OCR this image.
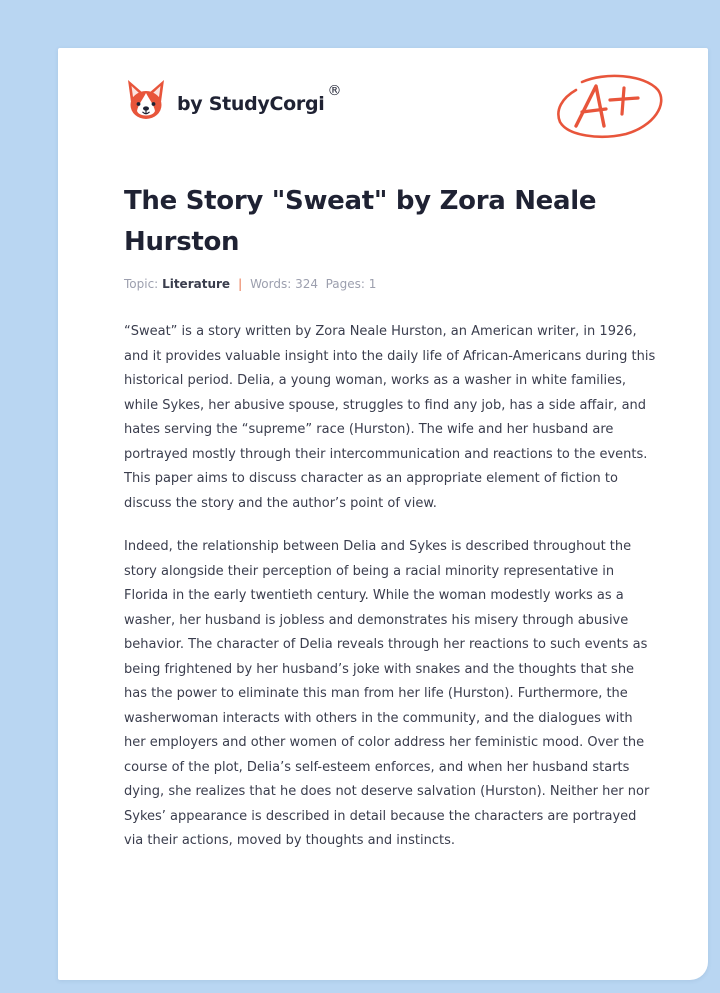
by StudyCorgi
®
The Story "Sweat" by Zora Neale Hurston
Topic: Literature | Words: 324 Pages: 1

“Sweat” is a story written by Zora Neale Hurston, an American writer, in 1926, and it provides valuable insight into the daily life of African-Americans during this historical period. Delia, a young woman, works as a washer in white families, while Sykes, her abusive spouse, struggles to find any job, has a side affair, and hates serving the “supreme” race (Hurston). The wife and her husband are portrayed mostly through their intercommunication and reactions to the events. This paper aims to discuss character as an appropriate element of fiction to discuss the story and the author’s point of view.

Indeed, the relationship between Delia and Sykes is described throughout the story alongside their perception of being a racial minority representative in Florida in the early twentieth century. While the woman modestly works as a washer, her husband is jobless and demonstrates his misery through abusive behavior. The character of Delia reveals through her reactions to such events as being frightened by her husband’s joke with snakes and the thoughts that she has the power to eliminate this man from her life (Hurston). Furthermore, the washerwoman interacts with others in the community, and the dialogues with her employers and other women of color address her feministic mood. Over the course of the plot, Delia’s self-esteem enforces, and when her husband starts dying, she realizes that he does not deserve salvation (Hurston). Neither her nor Sykes’ appearance is described in detail because the characters are portrayed via their actions, moved by thoughts and instincts.
